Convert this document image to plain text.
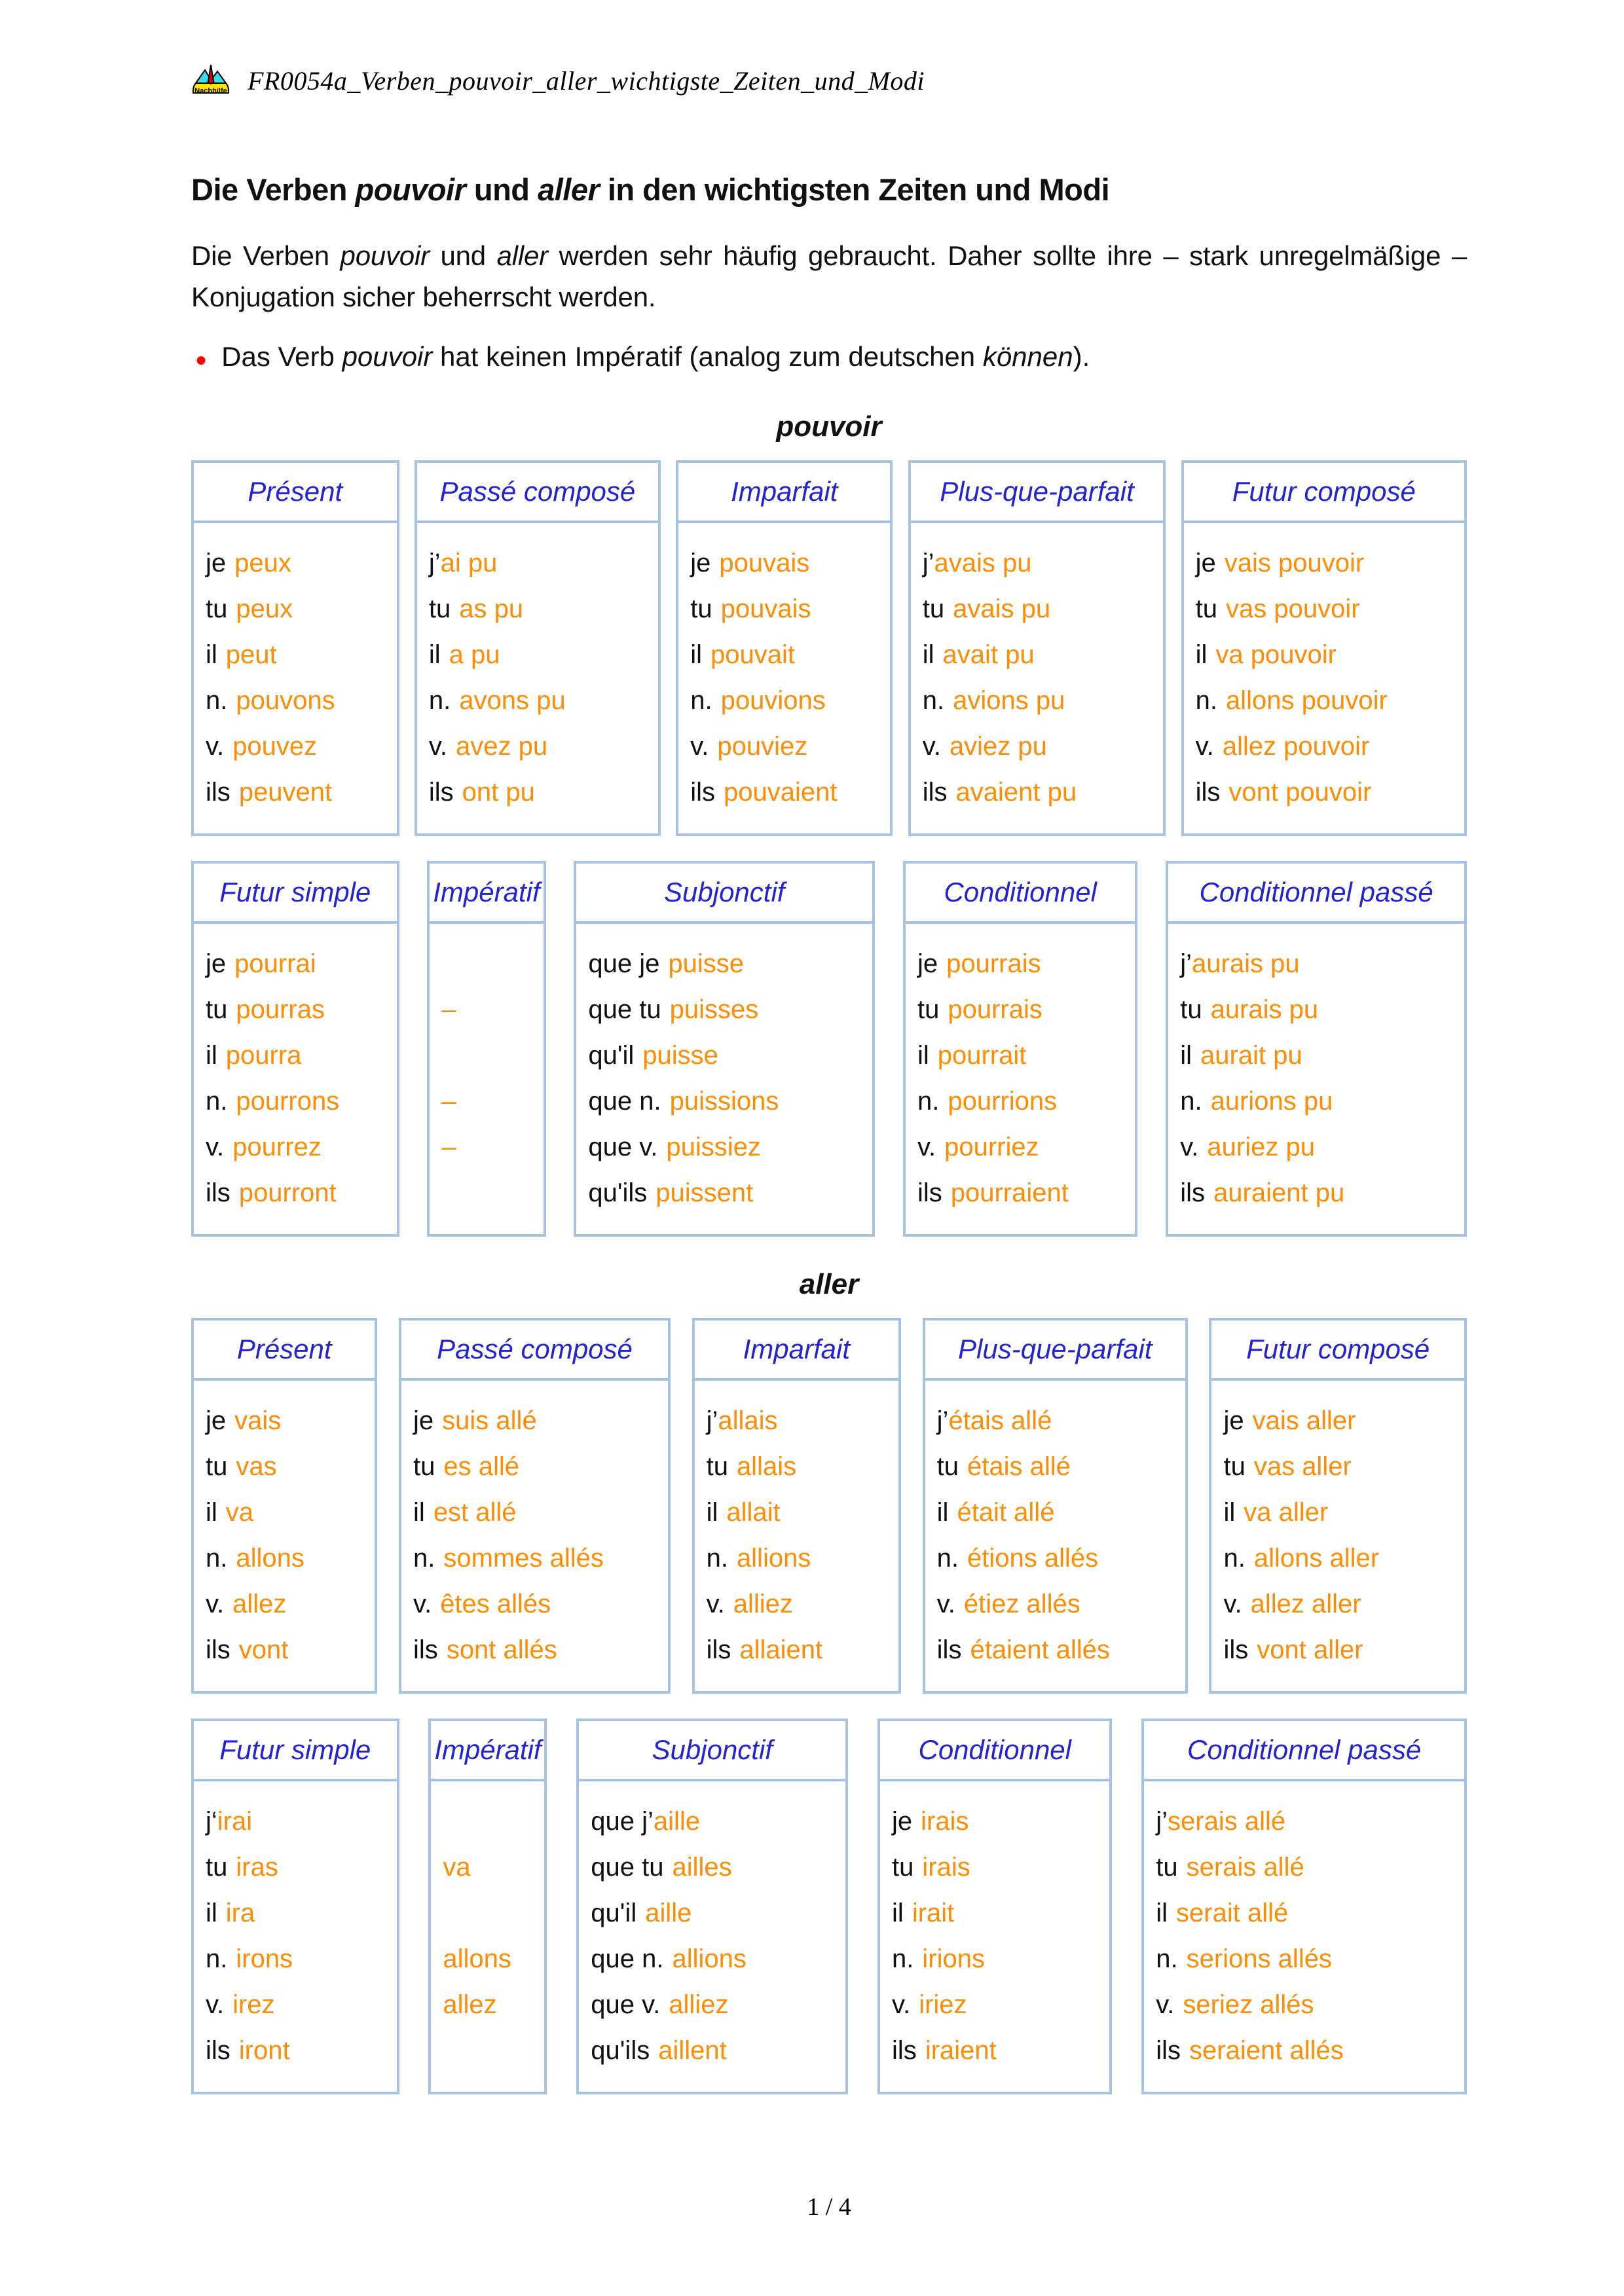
Nachhilfe FR0054a_Verben_pouvoir_aller_wichtigste_Zeiten_und_Modi
Die Verben pouvoir und aller in den wichtigsten Zeiten und Modi

Die Verben pouvoir und aller werden sehr häufig gebraucht. Daher sollte ihre – stark unregelmäßige – Konjugation sicher beherrscht werden.

● Das Verb pouvoir hat keinen Impératif (analog zum deutschen können).
pouvoir
Présent
je peux
tu peux
il peut
n. pouvons
v. pouvez
ils peuvent
Passé composé
j’ ai pu
tu as pu
il a pu
n. avons pu
v. avez pu
ils ont pu
Imparfait
je pouvais
tu pouvais
il pouvait
n. pouvions
v. pouviez
ils pouvaient
Plus-que-parfait
j’ avais pu
tu avais pu
il avait pu
n. avions pu
v. aviez pu
ils avaient pu
Futur composé
je vais pouvoir
tu vas pouvoir
il va pouvoir
n. allons pouvoir
v. allez pouvoir
ils vont pouvoir
Futur simple
je pourrai
tu pourras
il pourra
n. pourrons
v. pourrez
ils pourront
Impératif
–
–
–
Subjonctif
que je puisse
que tu puisses
qu'il puisse
que n. puissions
que v. puissiez
qu'ils puissent
Conditionnel
je pourrais
tu pourrais
il pourrait
n. pourrions
v. pourriez
ils pourraient
Conditionnel passé
j’ aurais pu
tu aurais pu
il aurait pu
n. aurions pu
v. auriez pu
ils auraient pu
aller
Présent
je vais
tu vas
il va
n. allons
v. allez
ils vont
Passé composé
je suis allé
tu es allé
il est allé
n. sommes allés
v. êtes allés
ils sont allés
Imparfait
j’ allais
tu allais
il allait
n. allions
v. alliez
ils allaient
Plus-que-parfait
j’ étais allé
tu étais allé
il était allé
n. étions allés
v. étiez allés
ils étaient allés
Futur composé
je vais aller
tu vas aller
il va aller
n. allons aller
v. allez aller
ils vont aller
Futur simple
j‘ irai
tu iras
il ira
n. irons
v. irez
ils iront
Impératif
va
allons
allez
Subjonctif
que j’ aille
que tu ailles
qu'il aille
que n. allions
que v. alliez
qu'ils aillent
Conditionnel
je irais
tu irais
il irait
n. irions
v. iriez
ils iraient
Conditionnel passé
j’ serais allé
tu serais allé
il serait allé
n. serions allés
v. seriez allés
ils seraient allés
1 / 4
